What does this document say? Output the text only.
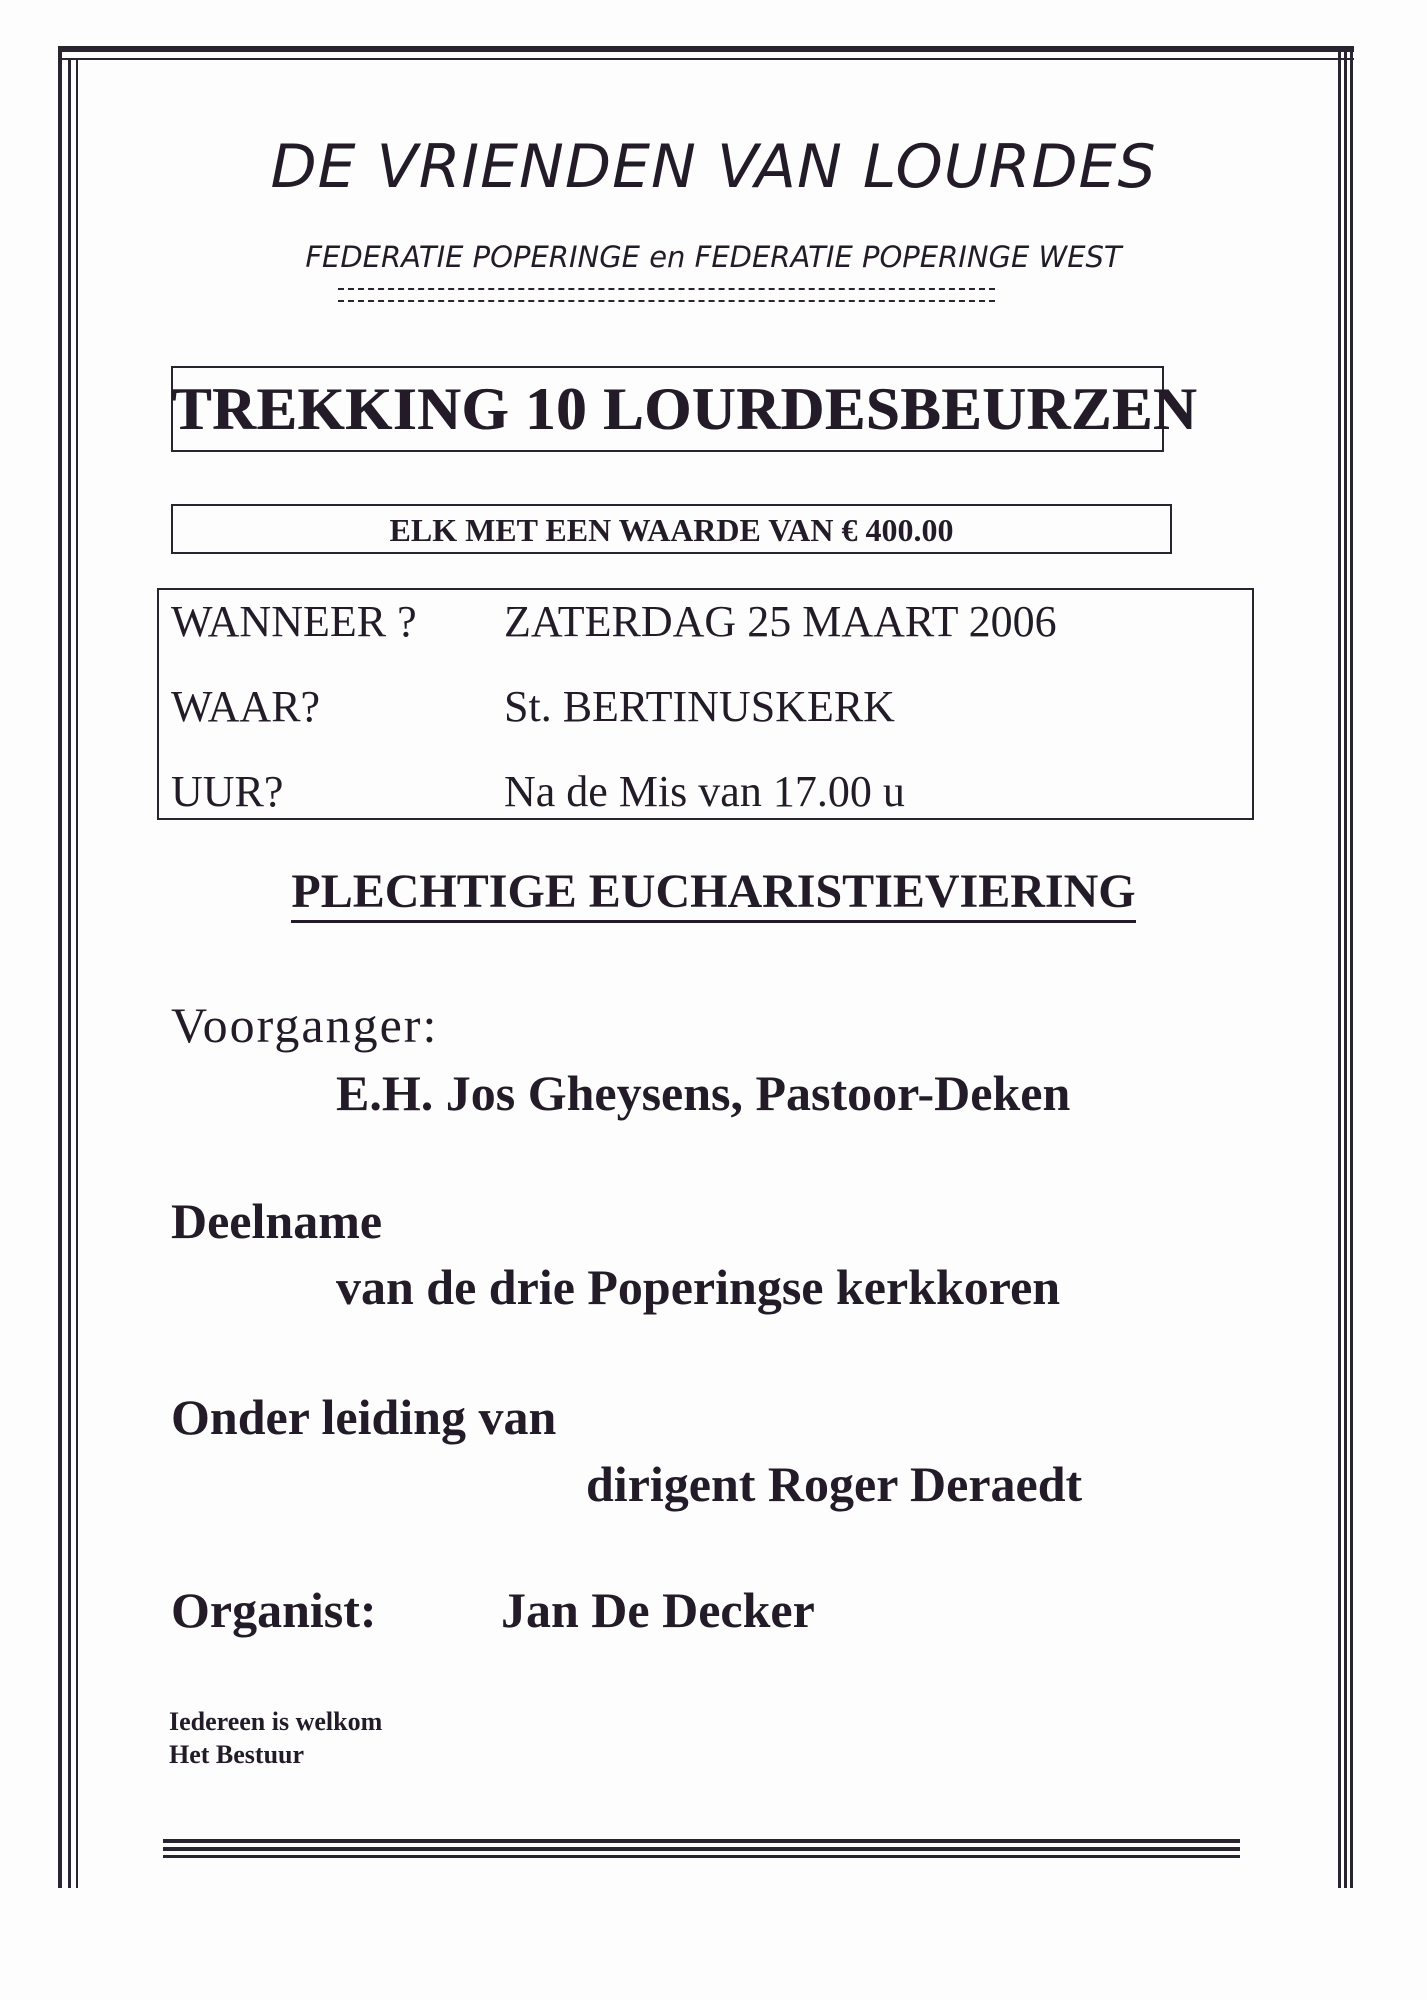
DE VRIENDEN VAN LOURDES
FEDERATIE POPERINGE en FEDERATIE POPERINGE WEST
TREKKING 10 LOURDESBEURZEN
ELK MET EEN WAARDE VAN € 400.00
WANNEER ? ZATERDAG 25 MAART 2006
WAAR?	St. BERTINUSKERK
UUR?	Na de Mis van 17.00 u
PLECHTIGE EUCHARISTIEVIERING
Voorganger:
E.H. Jos Gheysens, Pastoor-Deken
Deelname
van de drie Poperingse kerkkoren
Onder leiding van
dirigent Roger Deraedt
Organist: Jan De Decker
Iedereen is welkom
Het Bestuur
